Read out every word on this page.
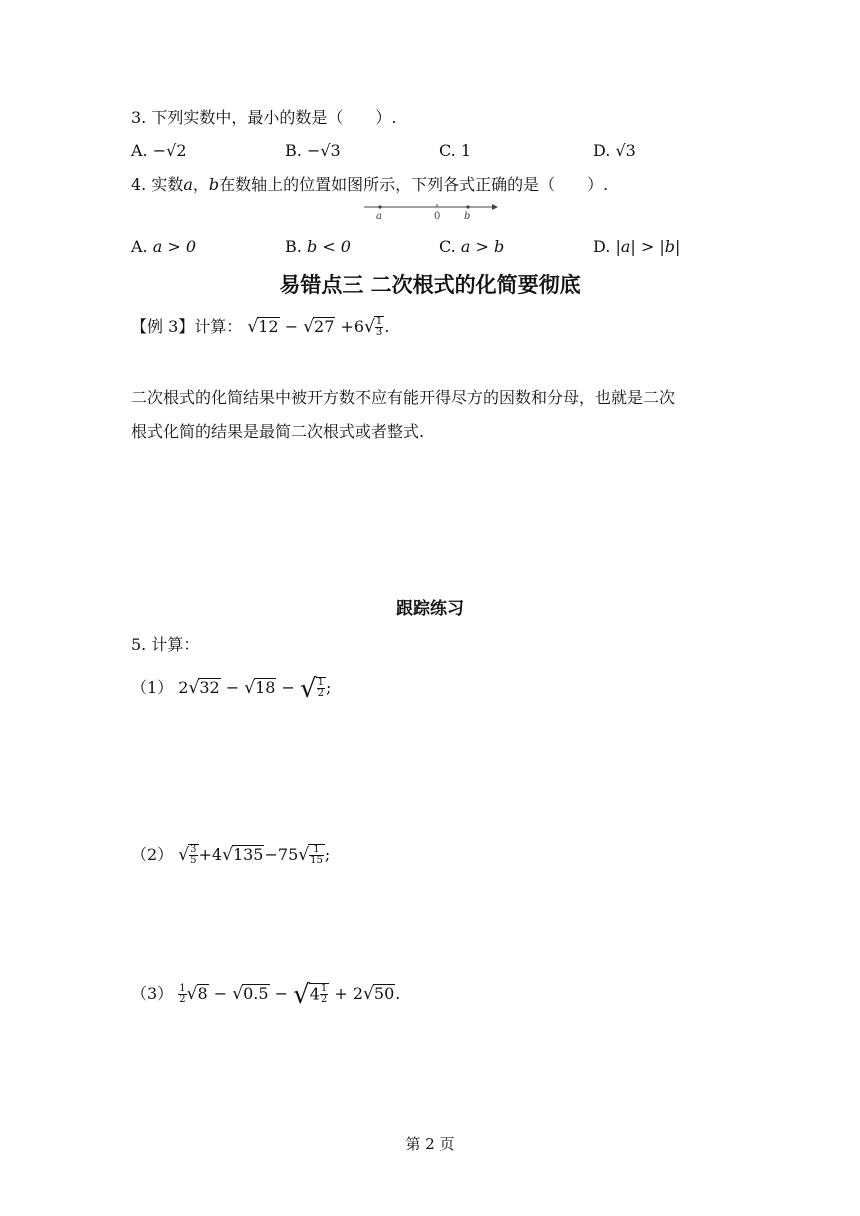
3. 下列实数中，最小的数是（　　）.
A. −√2	B. −√3	C. 1	D. √3
4. 实数a，b在数轴上的位置如图所示，下列各式正确的是（　　）.
a	0 b
A. a > 0	B. b < 0	C. a > b	D. |a| > |b|
易错点三 二次根式的化简要彻底
【例 3】计算： $√12 - √27 +6√ \frac{1}{3}$ .
二次根式的化简结果中被开方数不应有能开得尽方的因数和分母，也就是二次
根式化简的结果是最简二次根式或者整式.
跟踪练习
5. 计算：
（1） 2√32 − √18 − √ $\frac{1}{2}$ ;
（2） √ $\frac{3}{5} +4√135-75√ \frac{1}{15}$ ;
$(3) \frac{1}{2} √8 - √0.5 - √4 \frac{1}{2} + 2√50$.
第 2 页
